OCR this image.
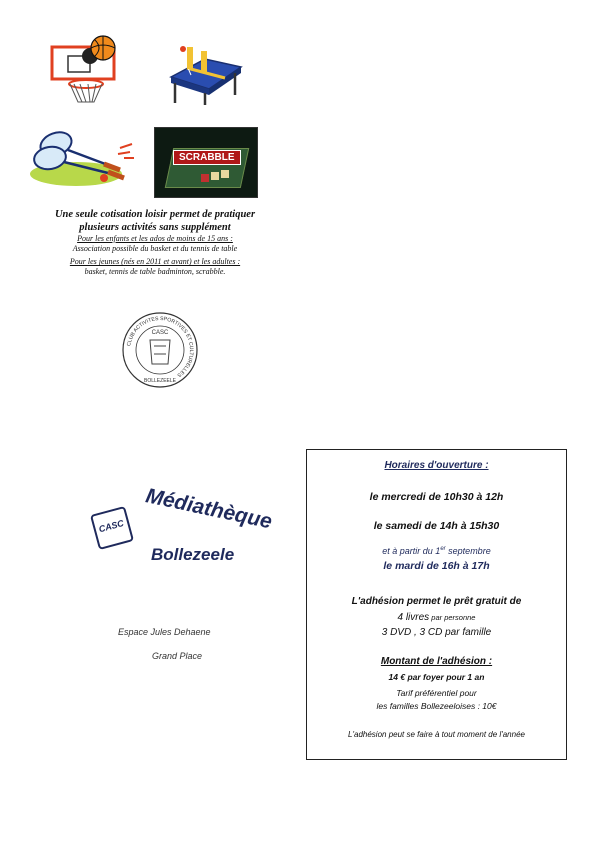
SCRABBLE
Une seule cotisation loisir permet de pratiquer
plusieurs activités sans supplément
Pour les enfants et les ados de moins de 15 ans :
Association possible du basket et du tennis de table
Pour les jeunes (nés en 2011 et avant) et les adultes :
basket, tennis de table badminton, scrabble.
CLUB ACTIVITES SPORTIVES ET CULTURELLES
CASC
BOLLEZEELE
CASC Médiathèque
Bollezeele
Espace Jules Dehaene
Grand Place
Horaires d'ouverture :
le mercredi de 10h30 à 12h
le samedi de 14h à 15h30
et à partir du 1er septembre
le mardi de 16h à 17h
L'adhésion permet le prêt gratuit de
4 livres par personne
3 DVD , 3 CD par famille
Montant de l'adhésion :
14 € par foyer pour 1 an
Tarif préférentiel pour
les familles Bollezeeloises : 10€
L'adhésion peut se faire à tout moment de l'année
